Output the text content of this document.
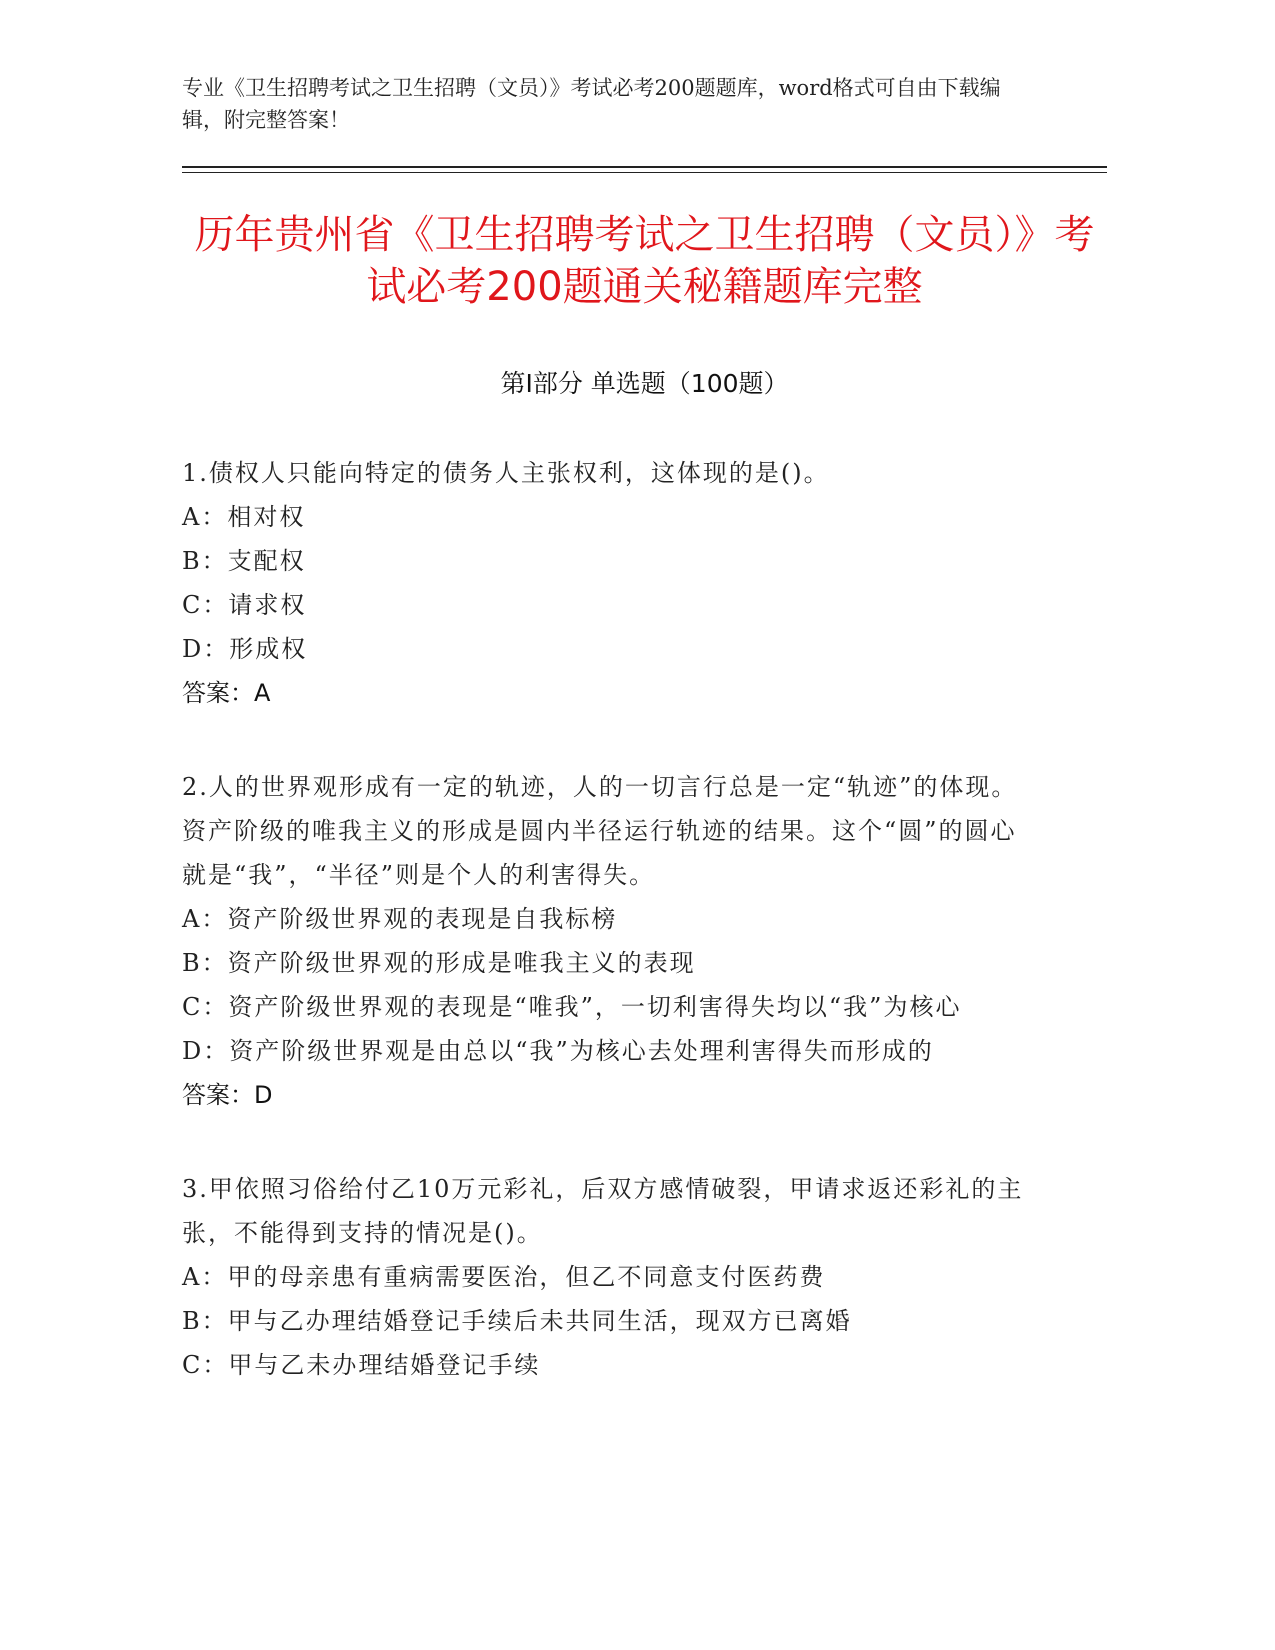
专业《卫生招聘考试之卫生招聘（文员）》考试必考200题题库，word格式可自由下载编辑，附完整答案！

历年贵州省《卫生招聘考试之卫生招聘（文员）》考试必考200题通关秘籍题库完整
第Ⅰ部分 单选题（100题）

1.债权人只能向特定的债务人主张权利，这体现的是()。

A：相对权

B：支配权

C：请求权

D：形成权

答案：A

2.人的世界观形成有一定的轨迹，人的一切言行总是一定“轨迹”的体现。资产阶级的唯我主义的形成是圆内半径运行轨迹的结果。这个“圆”的圆心就是“我”，“半径”则是个人的利害得失。

A：资产阶级世界观的表现是自我标榜

B：资产阶级世界观的形成是唯我主义的表现

C：资产阶级世界观的表现是“唯我”，一切利害得失均以“我”为核心

D：资产阶级世界观是由总以“我”为核心去处理利害得失而形成的

答案：D

3.甲依照习俗给付乙10万元彩礼，后双方感情破裂，甲请求返还彩礼的主张，不能得到支持的情况是()。

A：甲的母亲患有重病需要医治，但乙不同意支付医药费

B：甲与乙办理结婚登记手续后未共同生活，现双方已离婚

C：甲与乙未办理结婚登记手续
